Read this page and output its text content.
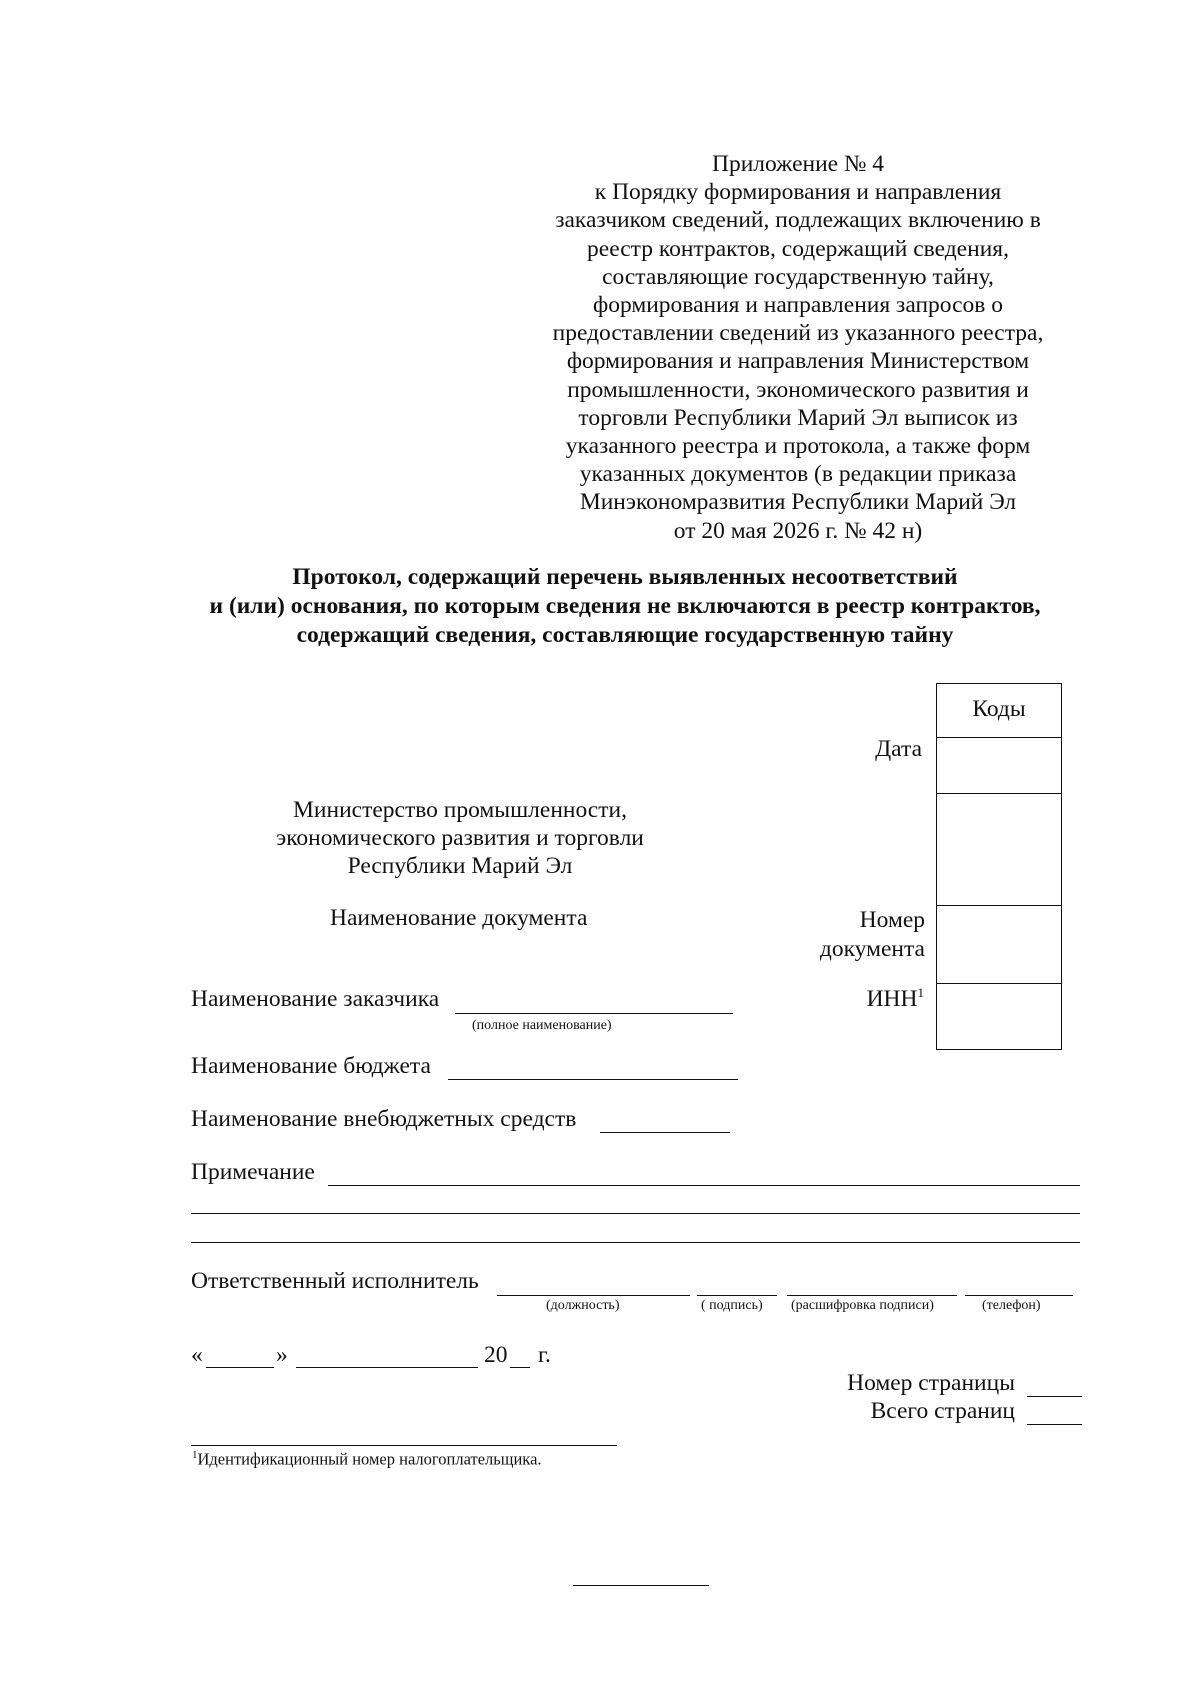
Приложение № 4
к Порядку формирования и направления
заказчиком сведений, подлежащих включению в
реестр контрактов, содержащий сведения,
составляющие государственную тайну,
формирования и направления запросов о
предоставлении сведений из указанного реестра,
формирования и направления Министерством
промышленности, экономического развития и
торговли Республики Марий Эл выписок из
указанного реестра и протокола, а также форм
указанных документов (в редакции приказа
Минэкономразвития Республики Марий Эл
от 20 мая 2026 г. № 42 н)
Протокол, содержащий перечень выявленных несоответствий
и (или) основания, по которым сведения не включаются в реестр контрактов,
содержащий сведения, составляющие государственную тайну
Коды
Дата
Номер
документа
ИНН$^1$
Министерство промышленности,
экономического развития и торговли
Республики Марий Эл
Наименование документа
Наименование заказчика
(полное наименование)
Наименование бюджета
Наименование внебюджетных средств
Примечание
Ответственный исполнитель
(должность)	( подпись) (расшифровка подписи)	(телефон)
«	»	20 г.
Номер страницы
Всего страниц
$^1$Идентификационный номер налогоплательщика.
